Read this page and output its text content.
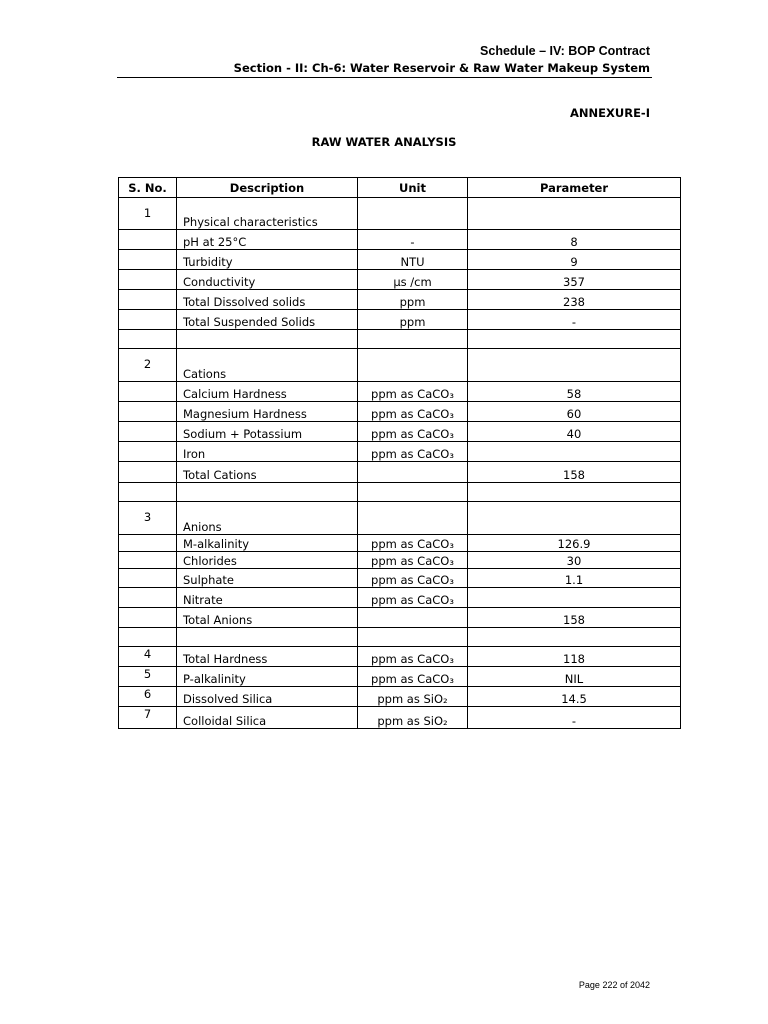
Schedule – IV: BOP Contract
Section - II: Ch-6: Water Reservoir & Raw Water Makeup System
ANNEXURE-I
RAW WATER ANALYSIS
S. No.	Description	Unit	Parameter
1	Physical characteristics		
	pH at 25°C	-	8
	Turbidity	NTU	9
	Conductivity	µs /cm	357
	Total Dissolved solids	ppm	238
	Total Suspended Solids	ppm	-

2	Cations		
	Calcium Hardness	ppm as CaCO₃	58
	Magnesium Hardness	ppm as CaCO₃	60
	Sodium + Potassium	ppm as CaCO₃	40
	Iron	ppm as CaCO₃	
	Total Cations		158

3	Anions		
	M-alkalinity	ppm as CaCO₃	126.9
	Chlorides	ppm as CaCO₃	30
	Sulphate	ppm as CaCO₃	1.1
	Nitrate	ppm as CaCO₃	
	Total Anions		158

4	Total Hardness	ppm as CaCO₃	118
5	P-alkalinity	ppm as CaCO₃	NIL
6	Dissolved Silica	ppm as SiO₂	14.5
7	Colloidal Silica	ppm as SiO₂	-
Page 222 of 2042
